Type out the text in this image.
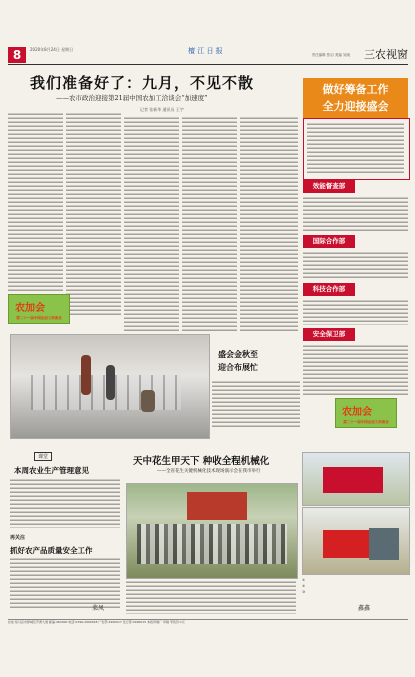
8	2020年8月24日 星期日	檀 江 日 报	责任编辑 张启 美编 吴晓 三农视窗
我们准备好了：九月，不见不散
——农市政治迎接第21届中国农加工洽谈会“加速度”
记者 张新华 通讯员 王宇
农加会
第二十一届中国农加工洽谈会
做好筹备工作
全力迎接盛会
效能督查部
国际合作部
科技合作部
安全保卫部
农加会
第二十一届中国农加工洽谈会
盛会金秋至
迎合布展忙
课堂
本周农业生产管理意见
再关注
抓好农产品质量安全工作
菜凤
天中花生甲天下 种收全程机械化
——全省花生关键机械化技术现场演示会在我市举行
①
②
③
鑫鑫
社址:驻马店市驿城区开源大道 邮编:463000 电话:0396-2990018 广告部:2990017 发行部:2990015 本报印刷厂 印刷 零售价:1元
